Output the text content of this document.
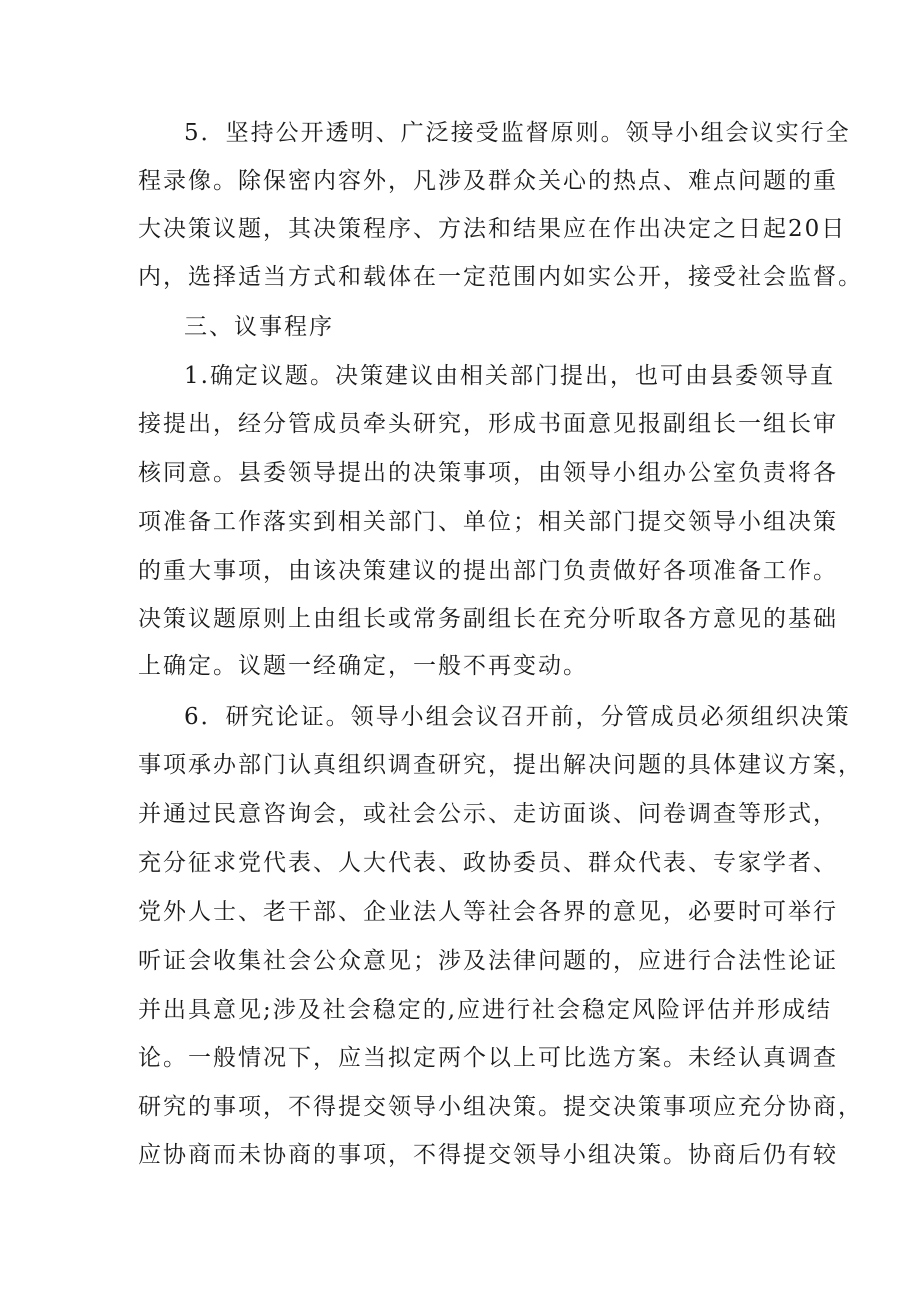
5．坚持公开透明、广泛接受监督原则。领导小组会议实行全
程录像。除保密内容外，凡涉及群众关心的热点、难点问题的重
大决策议题，其决策程序、方法和结果应在作出决定之日起20日
内，选择适当方式和载体在一定范围内如实公开，接受社会监督。
三、议事程序
1.确定议题。决策建议由相关部门提出，也可由县委领导直
接提出，经分管成员牵头研究，形成书面意见报副组长一组长审
核同意。县委领导提出的决策事项，由领导小组办公室负责将各
项准备工作落实到相关部门、单位；相关部门提交领导小组决策
的重大事项，由该决策建议的提出部门负责做好各项准备工作。
决策议题原则上由组长或常务副组长在充分听取各方意见的基础
上确定。议题一经确定，一般不再变动。
6．研究论证。领导小组会议召开前，分管成员必须组织决策
事项承办部门认真组织调查研究，提出解决问题的具体建议方案，
并通过民意咨询会，或社会公示、走访面谈、问卷调查等形式，
充分征求党代表、人大代表、政协委员、群众代表、专家学者、
党外人士、老干部、企业法人等社会各界的意见，必要时可举行
听证会收集社会公众意见；涉及法律问题的，应进行合法性论证
并出具意见;涉及社会稳定的,应进行社会稳定风险评估并形成结
论。一般情况下，应当拟定两个以上可比选方案。未经认真调查
研究的事项，不得提交领导小组决策。提交决策事项应充分协商，
应协商而未协商的事项，不得提交领导小组决策。协商后仍有较
